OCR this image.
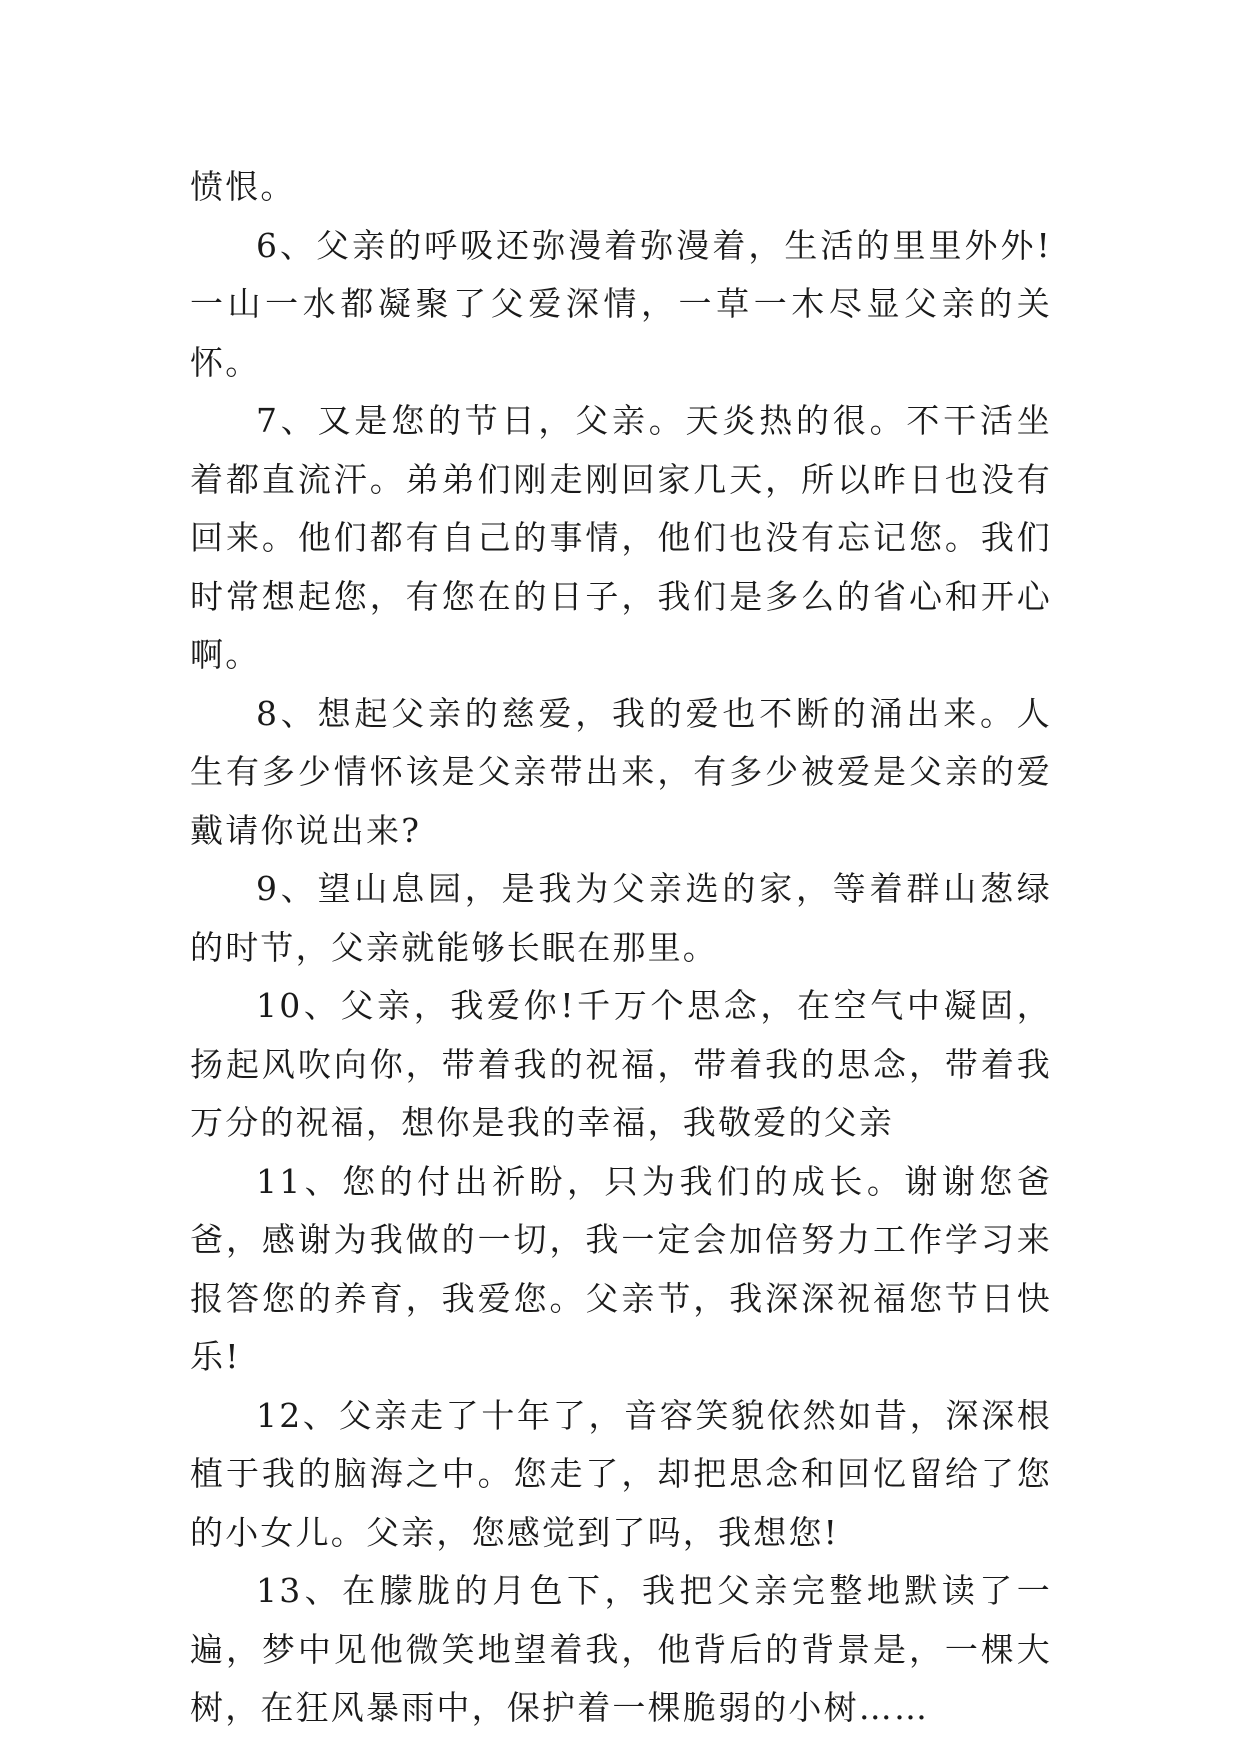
愤恨。

6、父亲的呼吸还弥漫着弥漫着，生活的里里外外!一山一水都凝聚了父爱深情，一草一木尽显父亲的关怀。

7、又是您的节日，父亲。天炎热的很。不干活坐着都直流汗。弟弟们刚走刚回家几天，所以昨日也没有回来。他们都有自己的事情，他们也没有忘记您。我们时常想起您，有您在的日子，我们是多么的省心和开心啊。

8、想起父亲的慈爱，我的爱也不断的涌出来。人生有多少情怀该是父亲带出来，有多少被爱是父亲的爱戴请你说出来?

9、望山息园，是我为父亲选的家，等着群山葱绿的时节，父亲就能够长眠在那里。

10、父亲，我爱你!千万个思念，在空气中凝固，扬起风吹向你，带着我的祝福，带着我的思念，带着我万分的祝福，想你是我的幸福，我敬爱的父亲

11、您的付出祈盼，只为我们的成长。谢谢您爸爸，感谢为我做的一切，我一定会加倍努力工作学习来报答您的养育，我爱您。父亲节，我深深祝福您节日快乐!

12、父亲走了十年了，音容笑貌依然如昔，深深根植于我的脑海之中。您走了，却把思念和回忆留给了您的小女儿。父亲，您感觉到了吗，我想您!

13、在朦胧的月色下，我把父亲完整地默读了一遍，梦中见他微笑地望着我，他背后的背景是，一棵大树，在狂风暴雨中，保护着一棵脆弱的小树……
